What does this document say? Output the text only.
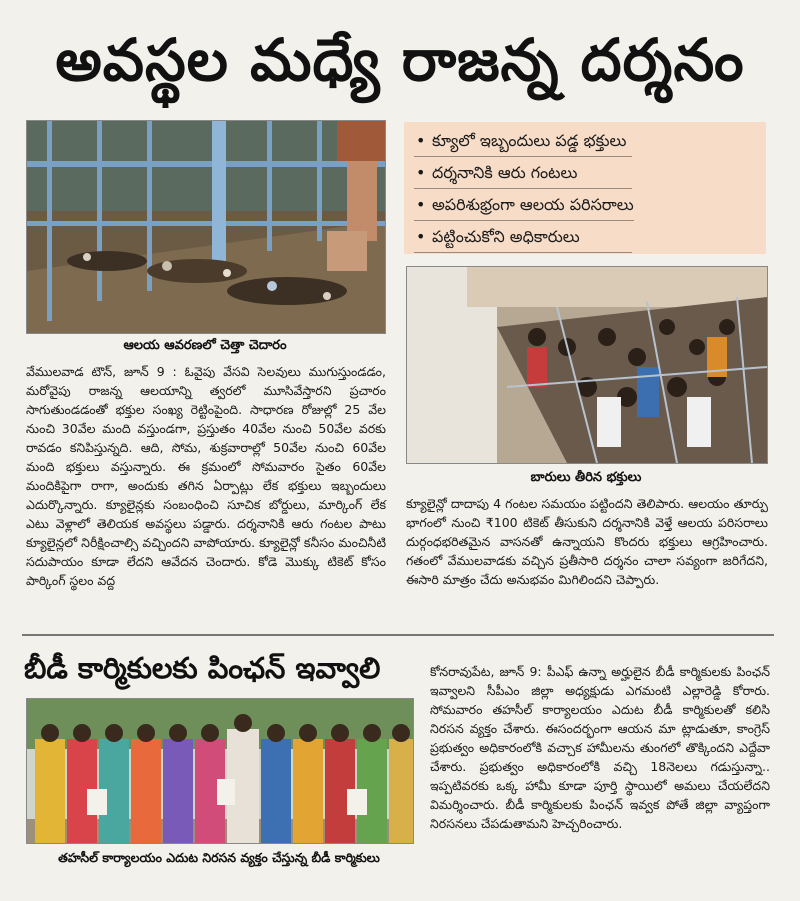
అవస్థల మధ్యే రాజన్న దర్శనం
ఆలయ ఆవరణలో చెత్తా చెదారం
• క్యూలో ఇబ్బందులు పడ్డ భక్తులు
• దర్శనానికి ఆరు గంటలు
• అపరిశుభ్రంగా ఆలయ పరిసరాలు
• పట్టించుకోని అధికారులు
బారులు తీరిన భక్తులు
వేములవాడ టౌన్, జూన్ 9 : ఓవైపు వేసవి సెలవులు ముగుస్తుండడం, మరోవైపు రాజన్న ఆలయాన్ని త్వరలో మూసివేస్తారని ప్రచారం సాగుతుండడంతో భక్తుల సంఖ్య రెట్టింపైంది. సాధారణ రోజుల్లో 25 వేల నుంచి 30వేల మంది వస్తుండగా, ప్రస్తుతం 40వేల నుంచి 50వేల వరకు రావడం కనిపిస్తున్నది. ఆది, సోమ, శుక్రవారాల్లో 50వేల నుంచి 60వేల మంది భక్తులు వస్తున్నారు. ఈ క్రమంలో సోమవారం సైతం 60వేల మందికిపైగా రాగా, అందుకు తగిన ఏర్పాట్లు లేక భక్తులు ఇబ్బందులు ఎదుర్కొన్నారు. క్యూలైన్లకు సంబంధించి సూచిక బోర్డులు, మార్కింగ్ లేక ఎటు వెళ్లాలో తెలియక అవస్థలు పడ్డారు. దర్శనానికి ఆరు గంటల పాటు క్యూలైన్లలో నిరీక్షించాల్సి వచ్చిందని వాపోయారు. క్యూలైన్లో కనీసం మంచినీటి సదుపాయం కూడా లేదని ఆవేదన చెందారు. కోడె మొక్కు టికెట్ కోసం పార్కింగ్ స్థలం వద్ద
క్యూలైన్లో దాదాపు 4 గంటల సమయం పట్టిందని తెలిపారు. ఆలయం తూర్పు భాగంలో నుంచి ₹100 టికెట్ తీసుకుని దర్శనానికి వెళ్తే ఆలయ పరిసరాలు దుర్గంధభరితమైన వాసనతో ఉన్నాయని కొందరు భక్తులు ఆగ్రహించారు. గతంలో వేములవాడకు వచ్చిన ప్రతీసారి దర్శనం చాలా సవ్యంగా జరిగేదని, ఈసారి మాత్రం చేదు అనుభవం మిగిలిందని చెప్పారు.
బీడీ కార్మికులకు పింఛన్ ఇవ్వాలి
తహసీల్ కార్యాలయం ఎదుట నిరసన వ్యక్తం చేస్తున్న బీడీ కార్మికులు
కోనరావుపేట, జూన్ 9: పీఎఫ్ ఉన్నా అర్హులైన బీడీ కార్మికులకు పింఛన్ ఇవ్వాలని సీపీఎం జిల్లా అధ్యక్షుడు ఎగమంటి ఎల్లారెడ్డి కోరారు. సోమవారం తహసీల్ కార్యాలయం ఎదుట బీడీ కార్మికులతో కలిసి నిరసన వ్యక్తం చేశారు. ఈసందర్భంగా ఆయన మా ట్లాడుతూ, కాంగ్రెస్ ప్రభుత్వం అధికారంలోకి వచ్చాక హామీలను తుంగలో తొక్కిందని ఎద్దేవా చేశారు. ప్రభుత్వం అధికారంలోకి వచ్చి 18నెలలు గడుస్తున్నా.. ఇప్పటివరకు ఒక్క హామీ కూడా పూర్తి స్థాయిలో అమలు చేయలేదని విమర్శించారు. బీడీ కార్మికులకు పింఛన్ ఇవ్వక పోతే జిల్లా వ్యాప్తంగా నిరసనలు చేపడుతామని హెచ్చరించారు.
